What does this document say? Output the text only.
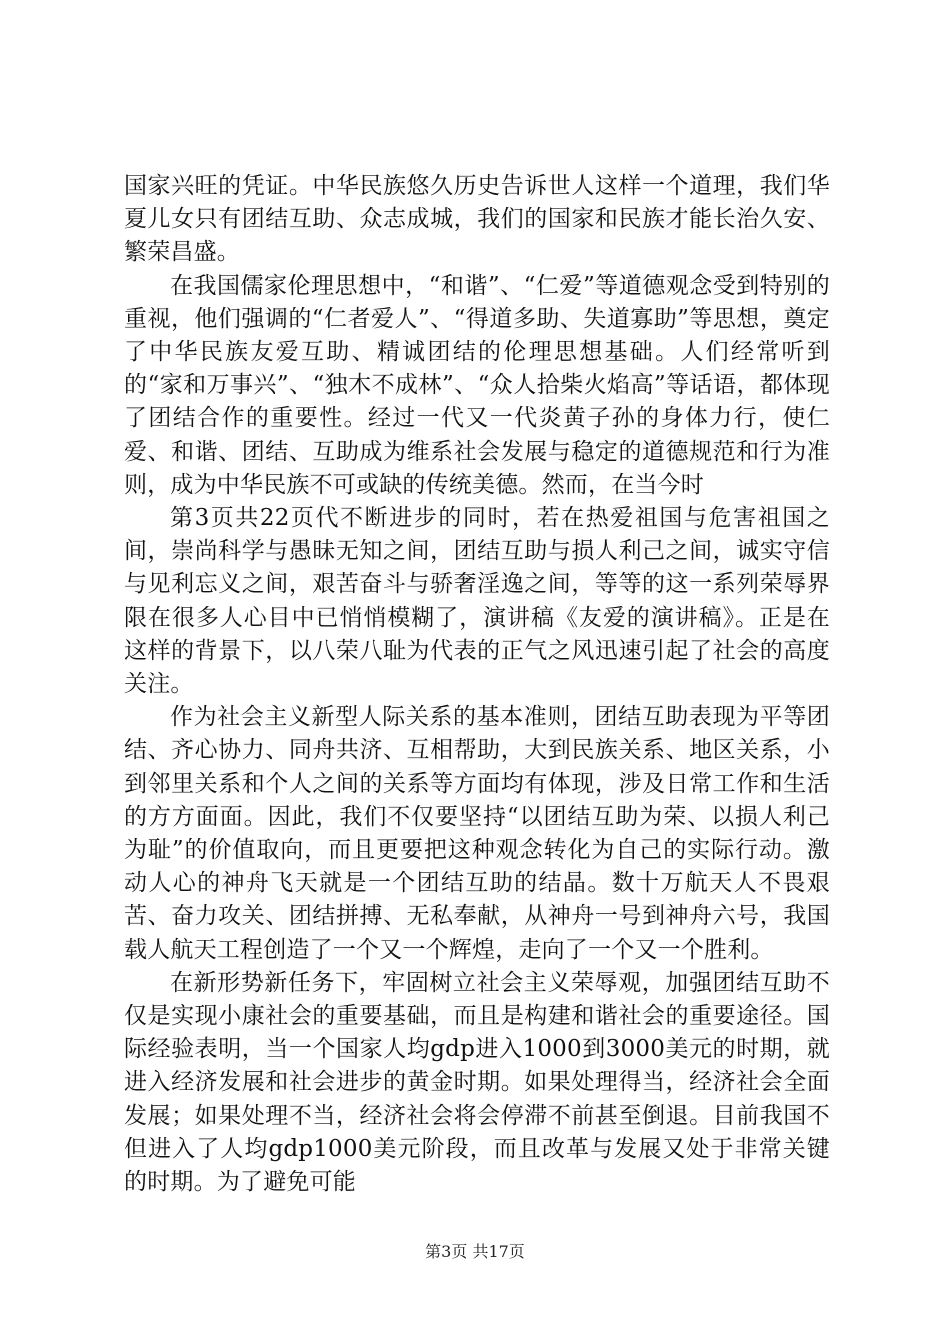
国家兴旺的凭证。中华民族悠久历史告诉世人这样一个道理，我们华夏儿女只有团结互助、众志成城，我们的国家和民族才能长治久安、繁荣昌盛。

在我国儒家伦理思想中，“和谐”、“仁爱”等道德观念受到特别的重视，他们强调的“仁者爱人”、“得道多助、失道寡助”等思想，奠定了中华民族友爱互助、精诚团结的伦理思想基础。人们经常听到的“家和万事兴”、“独木不成林”、“众人拾柴火焰高”等话语，都体现了团结合作的重要性。经过一代又一代炎黄子孙的身体力行，使仁爱、和谐、团结、互助成为维系社会发展与稳定的道德规范和行为准则，成为中华民族不可或缺的传统美德。然而，在当今时

第3页共22页代不断进步的同时，若在热爱祖国与危害祖国之间，崇尚科学与愚昧无知之间，团结互助与损人利己之间，诚实守信与见利忘义之间，艰苦奋斗与骄奢淫逸之间，等等的这一系列荣辱界限在很多人心目中已悄悄模糊了，演讲稿《友爱的演讲稿》。正是在这样的背景下，以八荣八耻为代表的正气之风迅速引起了社会的高度关注。

作为社会主义新型人际关系的基本准则，团结互助表现为平等团结、齐心协力、同舟共济、互相帮助，大到民族关系、地区关系，小到邻里关系和个人之间的关系等方面均有体现，涉及日常工作和生活的方方面面。因此，我们不仅要坚持“以团结互助为荣、以损人利己为耻”的价值取向，而且更要把这种观念转化为自己的实际行动。激动人心的神舟飞天就是一个团结互助的结晶。数十万航天人不畏艰苦、奋力攻关、团结拼搏、无私奉献，从神舟一号到神舟六号，我国载人航天工程创造了一个又一个辉煌，走向了一个又一个胜利。

在新形势新任务下，牢固树立社会主义荣辱观，加强团结互助不仅是实现小康社会的重要基础，而且是构建和谐社会的重要途径。国际经验表明，当一个国家人均gdp进入1000到3000美元的时期，就进入经济发展和社会进步的黄金时期。如果处理得当，经济社会全面发展；如果处理不当，经济社会将会停滞不前甚至倒退。目前我国不但进入了人均gdp1000美元阶段，而且改革与发展又处于非常关键的时期。为了避免可能

第3页 共17页
